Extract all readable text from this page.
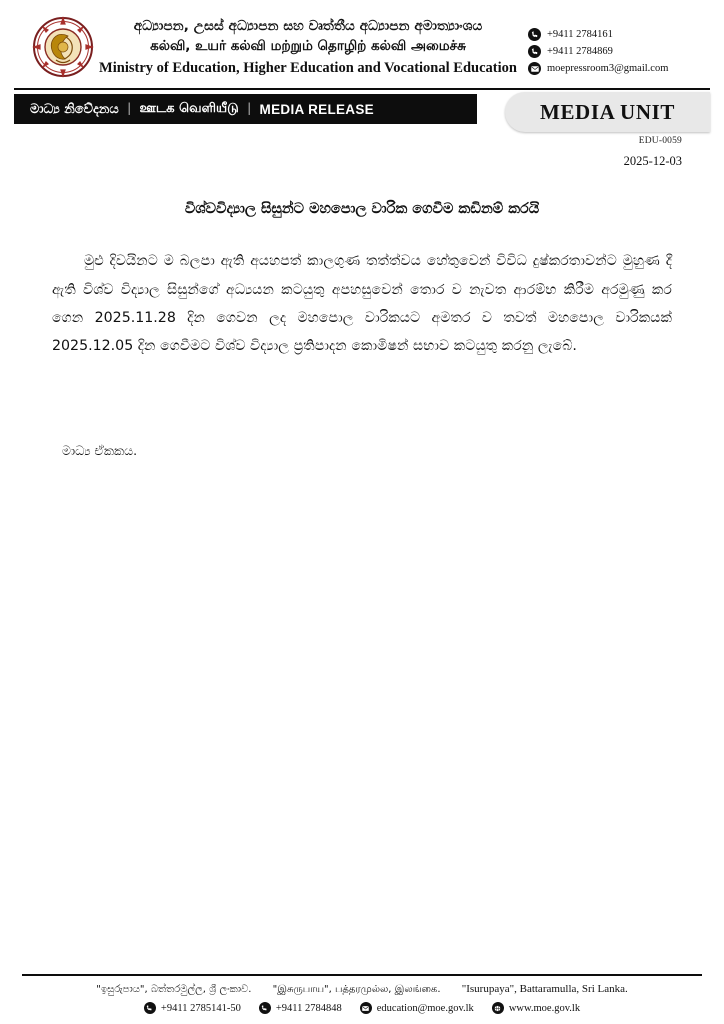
අධ්‍යාපන, උසස් අධ්‍යාපන සහ වෘත්තීය අධ්‍යාපන අමාත්‍යාංශය
கல்வி, உயர் கல்வி மற்றும் தொழிற் கல்வி அமைச்சு
Ministry of Education, Higher Education and Vocational Education
+9411 2784161
+9411 2784869
moepressroom3@gmail.com
මාධ්‍ය නිවේදනය | ஊடக வெளியீடு | MEDIA RELEASE	MEDIA UNIT
EDU-0059
2025-12-03
විශ්වවිද්‍යාල සිසුන්ට මහපොල වාරික ගෙවීම කඩිනම් කරයි
මුළු දිවයිනට ම බලපා ඇති අයහපත් කාලගුණ තත්ත්වය හේතුවෙන් විවිධ දුෂ්කරතාවන්ට මුහුණ දී ඇති විශ්ව විද්‍යාල සිසුන්ගේ අධ්‍යයන කටයුතු අපහසුවෙන් තොර ව නැවත ආරම්භ කිරීම අරමුණු කර ගෙන 2025.11.28 දින ගෙවන ලද මහපොල වාරිකයට අමතර ව තවත් මහපොල වාරිකයක් 2025.12.05 දින ගෙවීමට විශ්ව විද්‍යාල ප්‍රතිපාදන කොමිෂන් සභාව කටයුතු කරනු ලැබේ.
මාධ්‍ය ඒකකය.
"ඉසුරුපාය", බත්තරමුල්ල, ශ්‍රී ලංකාව. "இசுருபாய", பத்தரமுல்ல, இலங்கை. "Isurupaya", Battaramulla, Sri Lanka.
+9411 2785141-50	+9411 2784848	education@moe.gov.lk	www.moe.gov.lk
